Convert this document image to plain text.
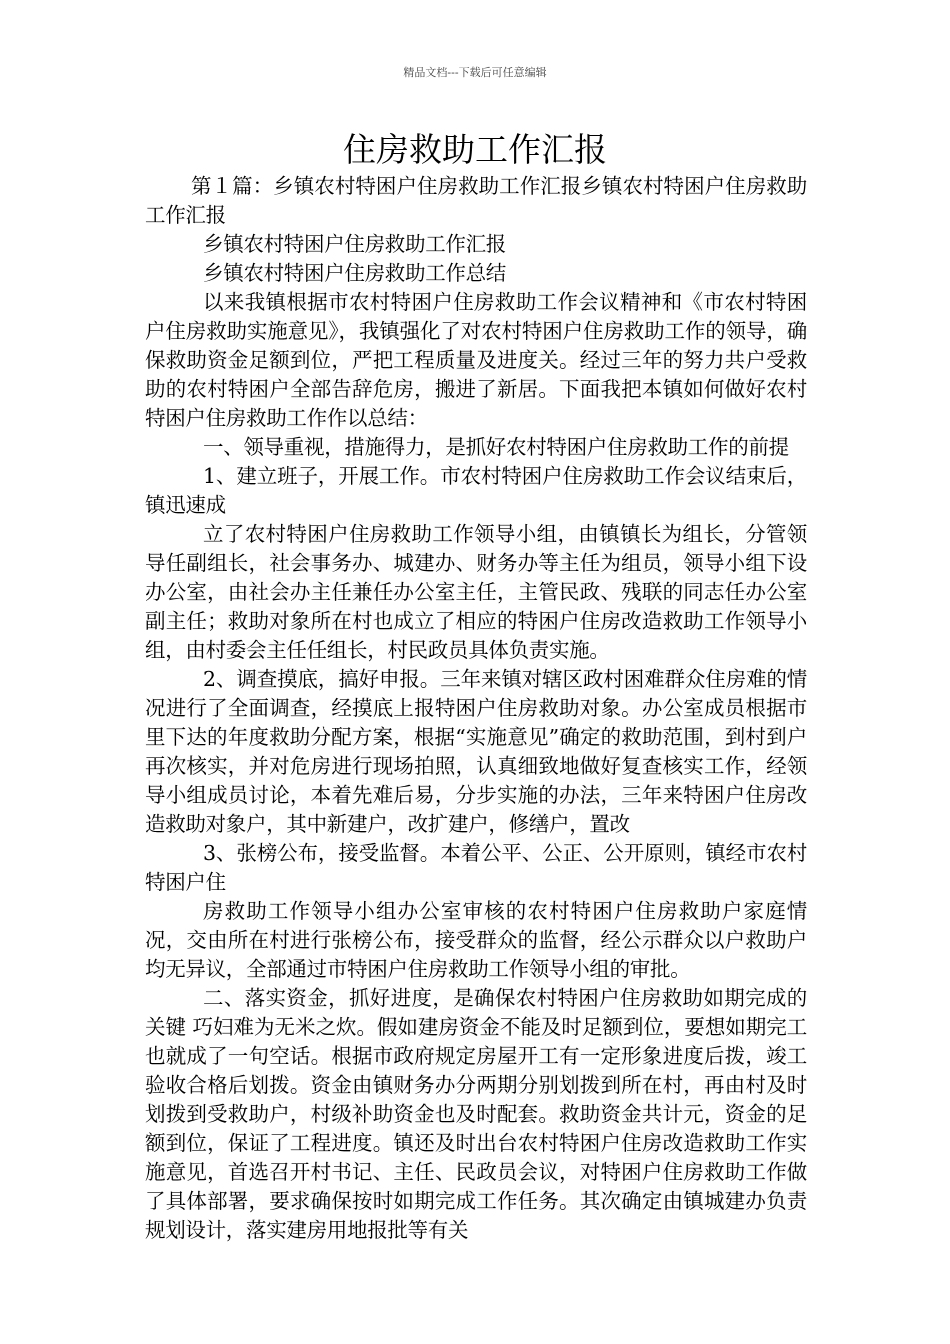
精品文档---下载后可任意编辑
住房救助工作汇报

第１篇：乡镇农村特困户住房救助工作汇报乡镇农村特困户住房救助工作汇报

乡镇农村特困户住房救助工作汇报

乡镇农村特困户住房救助工作总结

以来我镇根据市农村特困户住房救助工作会议精神和《市农村特困户住房救助实施意见》，我镇强化了对农村特困户住房救助工作的领导，确保救助资金足额到位，严把工程质量及进度关。经过三年的努力共户受救助的农村特困户全部告辞危房，搬进了新居。下面我把本镇如何做好农村特困户住房救助工作作以总结：

一、领导重视，措施得力，是抓好农村特困户住房救助工作的前提

1、建立班子，开展工作。市农村特困户住房救助工作会议结束后，镇迅速成

立了农村特困户住房救助工作领导小组，由镇镇长为组长，分管领导任副组长，社会事务办、城建办、财务办等主任为组员，领导小组下设办公室，由社会办主任兼任办公室主任，主管民政、残联的同志任办公室副主任；救助对象所在村也成立了相应的特困户住房改造救助工作领导小组，由村委会主任任组长，村民政员具体负责实施。

2、调查摸底，搞好申报。三年来镇对辖区政村困难群众住房难的情况进行了全面调查，经摸底上报特困户住房救助对象。办公室成员根据市里下达的年度救助分配方案，根据“实施意见”确定的救助范围，到村到户再次核实，并对危房进行现场拍照，认真细致地做好复查核实工作，经领导小组成员讨论，本着先难后易，分步实施的办法，三年来特困户住房改造救助对象户，其中新建户，改扩建户，修缮户，置改

3、张榜公布，接受监督。本着公平、公正、公开原则，镇经市农村特困户住

房救助工作领导小组办公室审核的农村特困户住房救助户家庭情况，交由所在村进行张榜公布，接受群众的监督，经公示群众以户救助户均无异议，全部通过市特困户住房救助工作领导小组的审批。

二、落实资金，抓好进度，是确保农村特困户住房救助如期完成的关键 巧妇难为无米之炊。假如建房资金不能及时足额到位，要想如期完工也就成了一句空话。根据市政府规定房屋开工有一定形象进度后拨，竣工验收合格后划拨。资金由镇财务办分两期分别划拨到所在村，再由村及时划拨到受救助户，村级补助资金也及时配套。救助资金共计元，资金的足额到位，保证了工程进度。镇还及时出台农村特困户住房改造救助工作实施意见，首选召开村书记、主任、民政员会议，对特困户住房救助工作做了具体部署，要求确保按时如期完成工作任务。其次确定由镇城建办负责规划设计，落实建房用地报批等有关
